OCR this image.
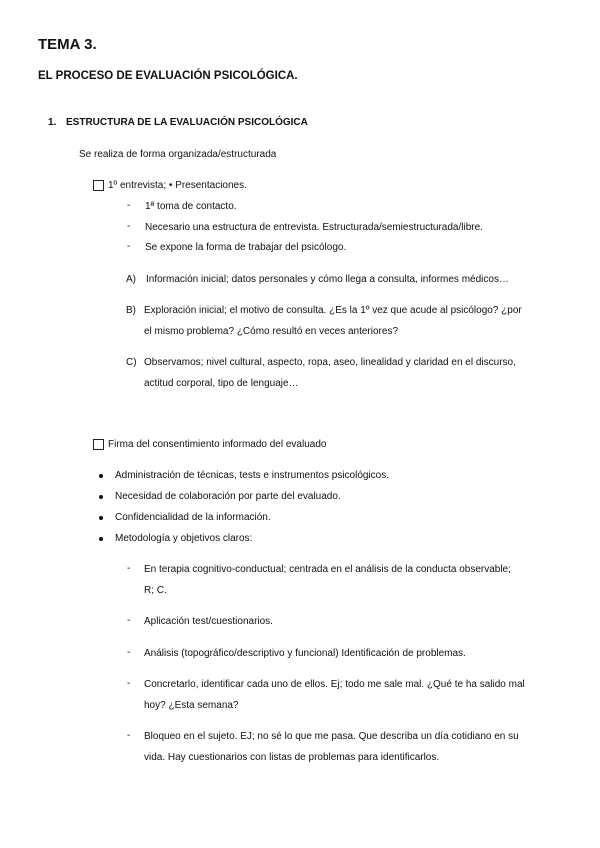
TEMA 3.
EL PROCESO DE EVALUACIÓN PSICOLÓGICA.
1. ESTRUCTURA DE LA EVALUACIÓN PSICOLÓGICA
Se realiza de forma organizada/estructurada
1º entrevista; • Presentaciones.
- 1ª toma de contacto.
- Necesario una estructura de entrevista. Estructurada/semiestructurada/libre.
- Se expone la forma de trabajar del psicólogo.
A) Información inicial; datos personales y cómo llega a consulta, informes médicos…
B) Exploración inicial; el motivo de consulta. ¿Es la 1º vez que acude al psicólogo? ¿por
el mismo problema? ¿Cómo resultó en veces anteriores?
C) Observamos; nivel cultural, aspecto, ropa, aseo, linealidad y claridad en el discurso,
actitud corporal, tipo de lenguaje…
Firma del consentimiento informado del evaluado
Administración de técnicas, tests e instrumentos psicológicos.
Necesidad de colaboración por parte del evaluado.
Confidencialidad de la información.
Metodología y objetivos claros:
- En terapia cognitivo-conductual; centrada en el análisis de la conducta observable;
R; C.
- Aplicación test/cuestionarios.
- Análisis (topográfico/descriptivo y funcional) Identificación de problemas.
- Concretarlo, identificar cada uno de ellos. Ej; todo me sale mal. ¿Qué te ha salido mal
hoy? ¿Esta semana?
- Bloqueo en el sujeto. EJ; no sé lo que me pasa. Que describa un día cotidiano en su
vida. Hay cuestionarios con listas de problemas para identificarlos.
